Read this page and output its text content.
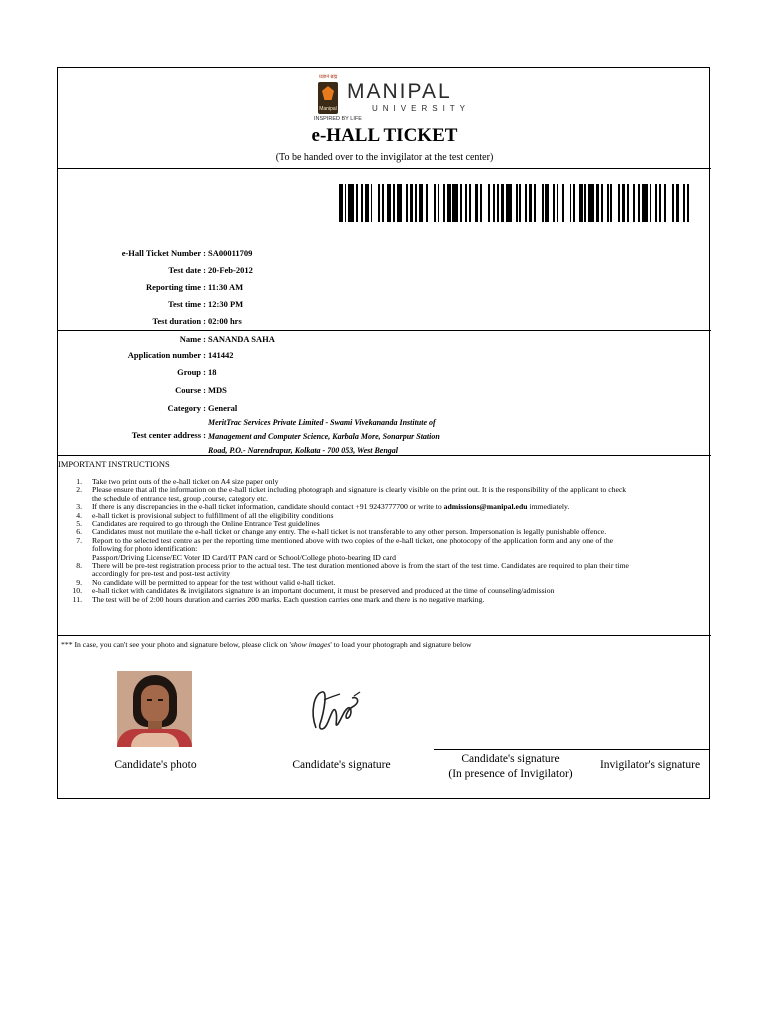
प्रज्ञानं ब्रह्म
Manipal
MANIPAL
UNIVERSITY
INSPIRED BY LIFE
e-HALL TICKET
(To be handed over to the invigilator at the test center)
e-Hall Ticket Number : SA00011709
Test date : 20-Feb-2012
Reporting time : 11:30 AM
Test time : 12:30 PM
Test duration : 02:00 hrs
Name : SANANDA SAHA
Application number : 141442
Group : 18
Course : MDS
Category : General
Test center address :
MeritTrac Services Private Limited - Swami Vivekananda Institute of
Management and Computer Science, Karbala More, Sonarpur Station
Road, P.O.- Narendrapur, Kolkata - 700 053, West Bengal
IMPORTANT INSTRUCTIONS
1. Take two print outs of the e-hall ticket on A4 size paper only
2. Please ensure that all the information on the e-hall ticket including photograph and signature is clearly visible on the print out. It is the responsibility of the applicant to check
the schedule of entrance test, group ,course, category etc.
3. If there is any discrepancies in the e-hall ticket information, candidate should contact +91 9243777700 or write to admissions@manipal.edu immediately.
4. e-hall ticket is provisional subject to fulfillment of all the eligibility conditions
5. Candidates are required to go through the Online Entrance Test guidelines
6. Candidates must not mutilate the e-hall ticket or change any entry. The e-hall ticket is not transferable to any other person. Impersonation is legally punishable offence.
7. Report to the selected test centre as per the reporting time mentioned above with two copies of the e-hall ticket, one photocopy of the application form and any one of the
following for photo identification:
Passport/Driving License/EC Voter ID Card/IT PAN card or School/College photo-bearing ID card
8. There will be pre-test registration process prior to the actual test. The test duration mentioned above is from the start of the test time. Candidates are required to plan their time
accordingly for pre-test and post-test activity
9. No candidate will be permitted to appear for the test without valid e-hall ticket.
10. e-hall ticket with candidates & invigilators signature is an important document, it must be preserved and produced at the time of counseling/admission
11. The test will be of 2:00 hours duration and carries 200 marks. Each question carries one mark and there is no negative marking.
*** In case, you can't see your photo and signature below, please click on 'show images' to load your photograph and signature below
Candidate's photo	Candidate's signature	Candidate's signature
(In presence of Invigilator)
Invigilator's signature
